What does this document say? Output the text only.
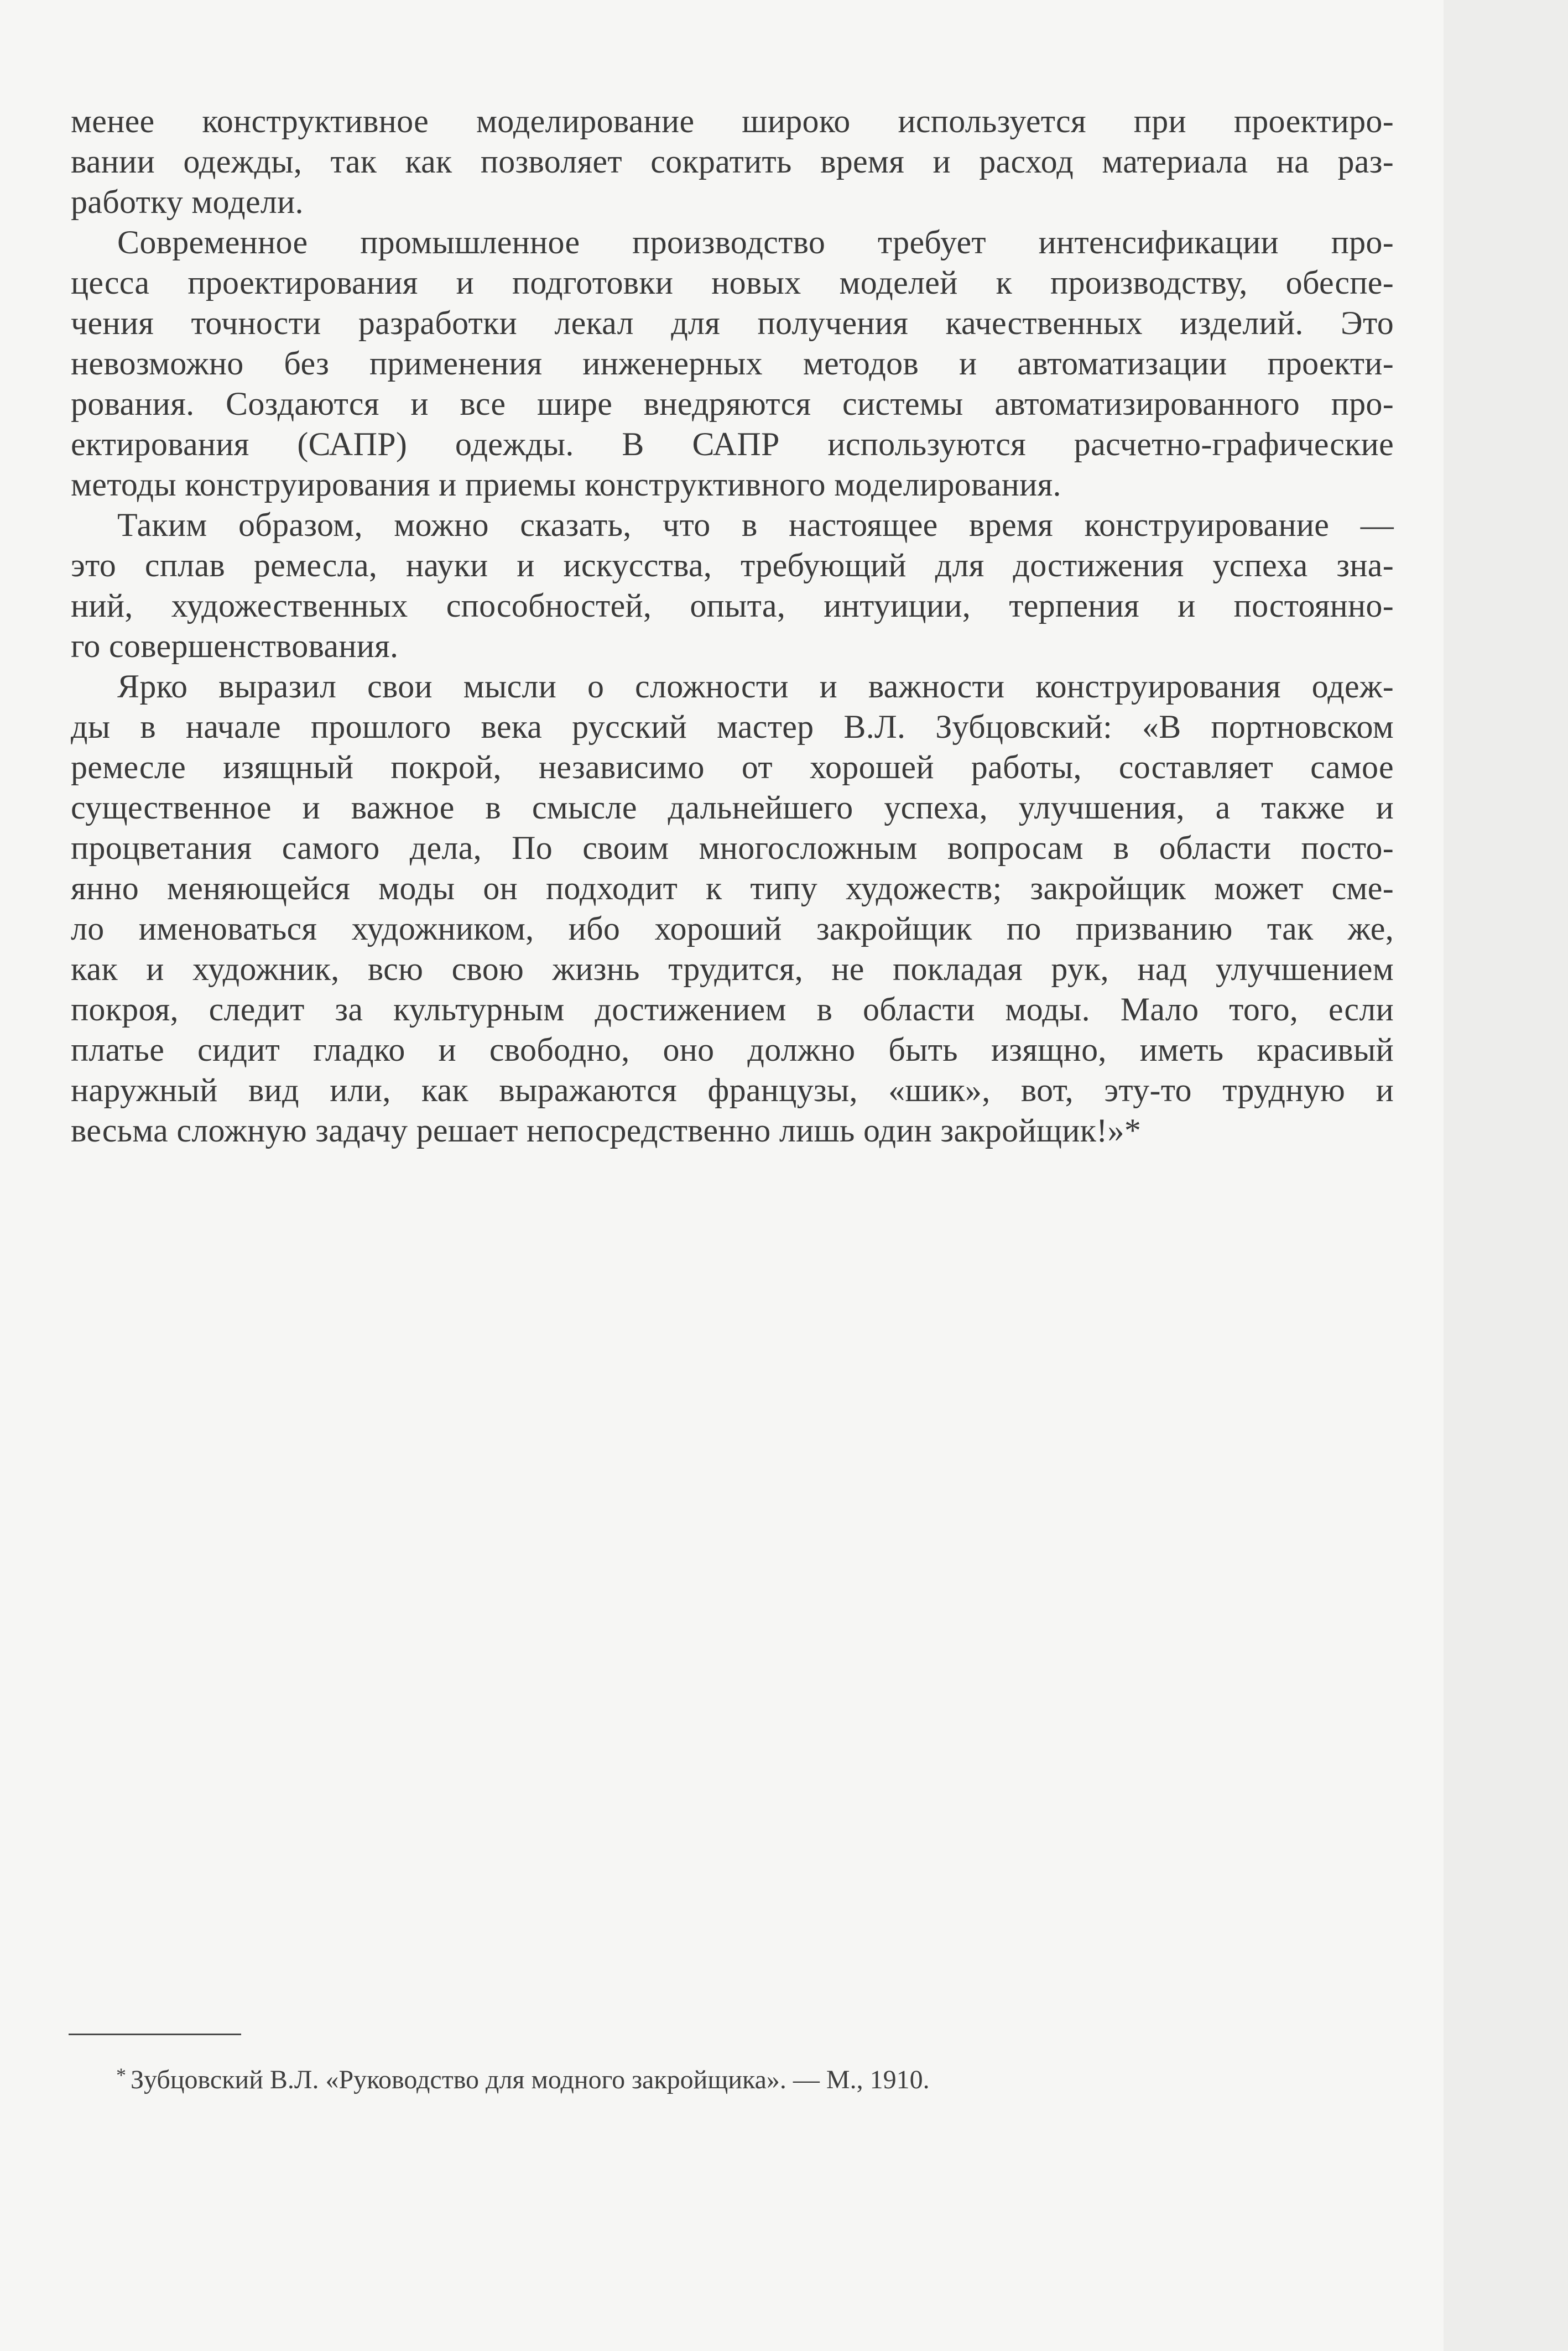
менее конструктивное моделирование широко используется при проектиро-
вании одежды, так как позволяет сократить время и расход материала на раз-
работку модели.
Современное промышленное производство требует интенсификации про-
цесса проектирования и подготовки новых моделей к производству, обеспе-
чения точности разработки лекал для получения качественных изделий. Это
невозможно без применения инженерных методов и автоматизации проекти-
рования. Создаются и все шире внедряются системы автоматизированного про-
ектирования (САПР) одежды. В САПР используются расчетно-графические
методы конструирования и приемы конструктивного моделирования.
Таким образом, можно сказать, что в настоящее время конструирование —
это сплав ремесла, науки и искусства, требующий для достижения успеха зна-
ний, художественных способностей, опыта, интуиции, терпения и постоянно-
го совершенствования.
Ярко выразил свои мысли о сложности и важности конструирования одеж-
ды в начале прошлого века русский мастер В.Л. Зубцовский: «В портновском
ремесле изящный покрой, независимо от хорошей работы, составляет самое
существенное и важное в смысле дальнейшего успеха, улучшения, а также и
процветания самого дела, По своим многосложным вопросам в области посто-
янно меняющейся моды он подходит к типу художеств; закройщик может сме-
ло именоваться художником, ибо хороший закройщик по призванию так же,
как и художник, всю свою жизнь трудится, не покладая рук, над улучшением
покроя, следит за культурным достижением в области моды. Мало того, если
платье сидит гладко и свободно, оно должно быть изящно, иметь красивый
наружный вид или, как выражаются французы, «шик», вот, эту-то трудную и
весьма сложную задачу решает непосредственно лишь один закройщик!»*
* Зубцовский В.Л. «Руководство для модного закройщика». — М., 1910.
